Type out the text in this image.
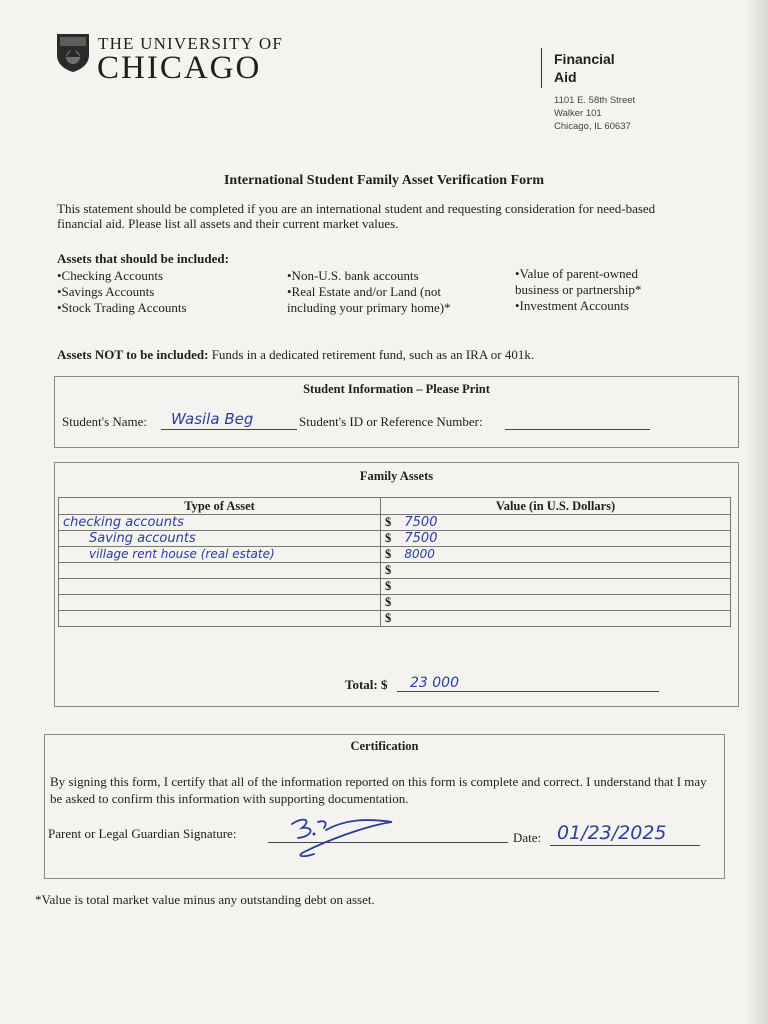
THE UNIVERSITY OF
CHICAGO	Financial
Aid
1101 E. 58th Street
Walker 101
Chicago, IL 60637
International Student Family Asset Verification Form
This statement should be completed if you are an international student and requesting consideration for need-based financial aid. Please list all assets and their current market values.
Assets that should be included:
•Checking Accounts
•Savings Accounts
•Stock Trading Accounts
•Non-U.S. bank accounts
•Real Estate and/or Land (not
including your primary home)*
•Value of parent-owned
business or partnership*
•Investment Accounts
Assets NOT to be included: Funds in a dedicated retirement fund, such as an IRA or 401k.
Student Information – Please Print
Student's Name: Wasila Beg	Student's ID or Reference Number:
Family Assets
Type of Asset	Value (in U.S. Dollars)
checking accounts	$ 7500
Saving accounts	$ 7500
village rent house (real estate)	$ 8000
	$
	$
	$
	$
Total: $ 23 000
Certification
By signing this form, I certify that all of the information reported on this form is complete and correct. I understand that I may be asked to confirm this information with supporting documentation.
Parent or Legal Guardian Signature:	Date: 01/23/2025
*Value is total market value minus any outstanding debt on asset.
